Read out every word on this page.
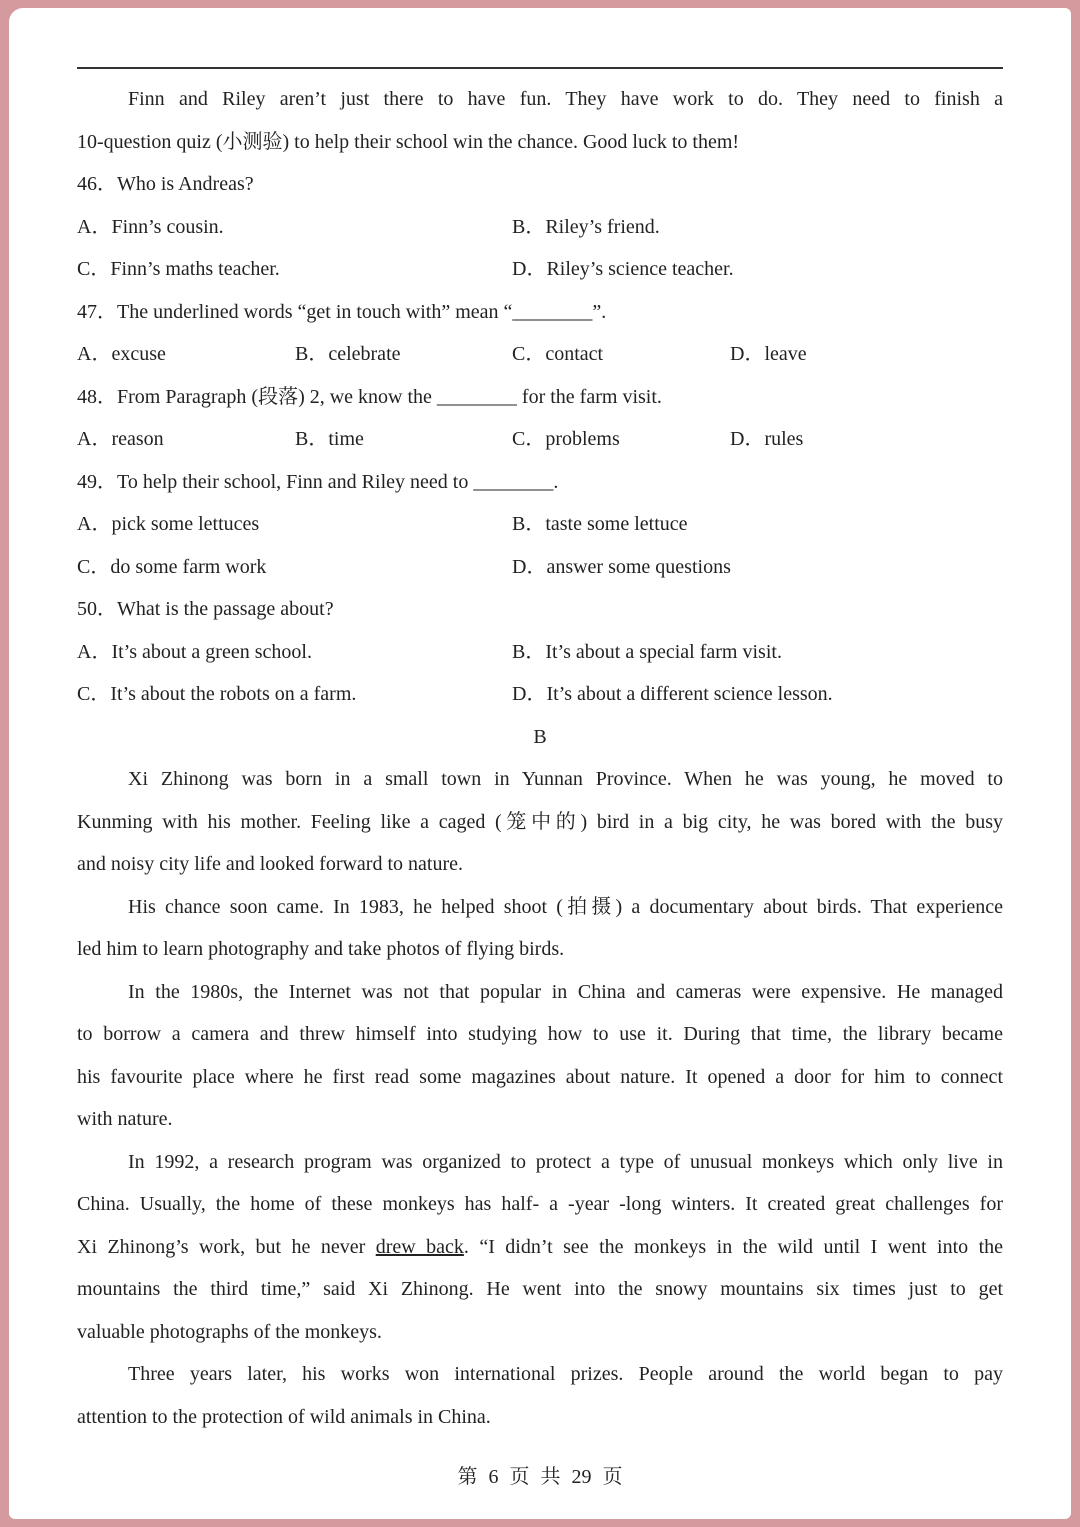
Finn and Riley aren’t just there to have fun. They have work to do. They need to finish a
10-question quiz (小测验) to help their school win the chance. Good luck to them!
46．Who is Andreas?
A．Finn’s cousin.	B．Riley’s friend.
C．Finn’s maths teacher.	D．Riley’s science teacher.
47．The underlined words “get in touch with” mean “________”.
A．excuse	B．celebrate	C．contact	D．leave
48．From Paragraph (段落) 2, we know the ________ for the farm visit.
A．reason	B．time	C．problems	D．rules
49．To help their school, Finn and Riley need to ________.
A．pick some lettuces	B．taste some lettuce
C．do some farm work	D．answer some questions
50．What is the passage about?
A．It’s about a green school.	B．It’s about a special farm visit.
C．It’s about the robots on a farm.	D．It’s about a different science lesson.
B
Xi Zhinong was born in a small town in Yunnan Province. When he was young, he moved to
Kunming with his mother. Feeling like a caged (笼中的) bird in a big city, he was bored with the busy
and noisy city life and looked forward to nature.
His chance soon came. In 1983, he helped shoot (拍摄) a documentary about birds. That experience
led him to learn photography and take photos of flying birds.
In the 1980s, the Internet was not that popular in China and cameras were expensive. He managed
to borrow a camera and threw himself into studying how to use it. During that time, the library became
his favourite place where he first read some magazines about nature. It opened a door for him to connect
with nature.
In 1992, a research program was organized to protect a type of unusual monkeys which only live in
China. Usually, the home of these monkeys has half- a -year -long winters. It created great challenges for
Xi Zhinong’s work, but he never drew back. “I didn’t see the monkeys in the wild until I went into the
mountains the third time,” said Xi Zhinong. He went into the snowy mountains six times just to get
valuable photographs of the monkeys.
Three years later, his works won international prizes. People around the world began to pay
attention to the protection of wild animals in China.
第 6 页 共 29 页
